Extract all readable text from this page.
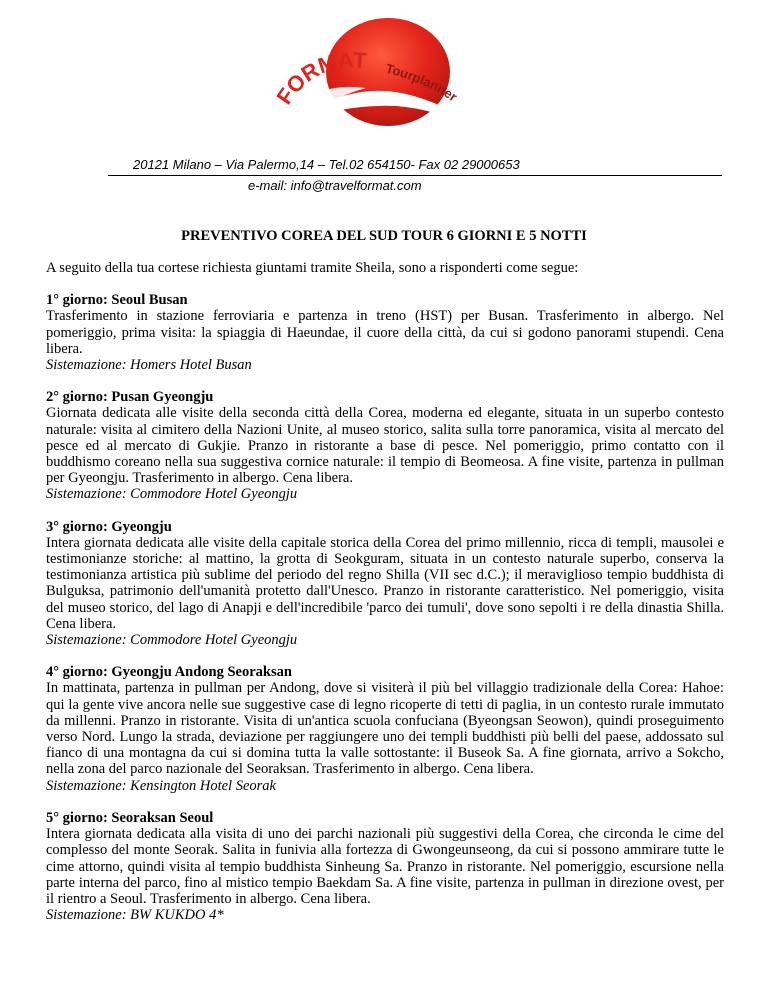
ORMAT Tourplanner
20121 Milano – Via Palermo,14 – Tel.02 654150- Fax 02 29000653
e-mail: info@travelformat.com
PREVENTIVO COREA DEL SUD TOUR 6 GIORNI E 5 NOTTI

A seguito della tua cortese richiesta giuntami tramite Sheila, sono a risponderti come segue:

1° giorno: Seoul Busan
Trasferimento in stazione ferroviaria e partenza in treno (HST) per Busan. Trasferimento in albergo. Nel pomeriggio, prima visita: la spiaggia di Haeundae, il cuore della città, da cui si godono panorami stupendi. Cena libera.
Sistemazione: Homers Hotel Busan
2° giorno: Pusan Gyeongju
Giornata dedicata alle visite della seconda città della Corea, moderna ed elegante, situata in un superbo contesto naturale: visita al cimitero della Nazioni Unite, al museo storico, salita sulla torre panoramica, visita al mercato del pesce ed al mercato di Gukjie. Pranzo in ristorante a base di pesce. Nel pomeriggio, primo contatto con il buddhismo coreano nella sua suggestiva cornice naturale: il tempio di Beomeosa. A fine visite, partenza in pullman per Gyeongju. Trasferimento in albergo. Cena libera.
Sistemazione: Commodore Hotel Gyeongju
3° giorno: Gyeongju
Intera giornata dedicata alle visite della capitale storica della Corea del primo millennio, ricca di templi, mausolei e testimonianze storiche: al mattino, la grotta di Seokguram, situata in un contesto naturale superbo, conserva la testimonianza artistica più sublime del periodo del regno Shilla (VII sec d.C.); il meraviglioso tempio buddhista di Bulguksa, patrimonio dell'umanità protetto dall'Unesco. Pranzo in ristorante caratteristico. Nel pomeriggio, visita del museo storico, del lago di Anapji e dell'incredibile 'parco dei tumuli', dove sono sepolti i re della dinastia Shilla. Cena libera.
Sistemazione: Commodore Hotel Gyeongju
4° giorno: Gyeongju Andong Seoraksan
In mattinata, partenza in pullman per Andong, dove si visiterà il più bel villaggio tradizionale della Corea: Hahoe: qui la gente vive ancora nelle sue suggestive case di legno ricoperte di tetti di paglia, in un contesto rurale immutato da millenni. Pranzo in ristorante. Visita di un'antica scuola confuciana (Byeongsan Seowon), quindi proseguimento verso Nord. Lungo la strada, deviazione per raggiungere uno dei templi buddhisti più belli del paese, addossato sul fianco di una montagna da cui si domina tutta la valle sottostante: il Buseok Sa. A fine giornata, arrivo a Sokcho, nella zona del parco nazionale del Seoraksan. Trasferimento in albergo. Cena libera.
Sistemazione: Kensington Hotel Seorak
5° giorno: Seoraksan Seoul
Intera giornata dedicata alla visita di uno dei parchi nazionali più suggestivi della Corea, che circonda le cime del complesso del monte Seorak. Salita in funivia alla fortezza di Gwongeunseong, da cui si possono ammirare tutte le cime attorno, quindi visita al tempio buddhista Sinheung Sa. Pranzo in ristorante. Nel pomeriggio, escursione nella parte interna del parco, fino al mistico tempio Baekdam Sa. A fine visite, partenza in pullman in direzione ovest, per il rientro a Seoul. Trasferimento in albergo. Cena libera.
Sistemazione: BW KUKDO 4*
